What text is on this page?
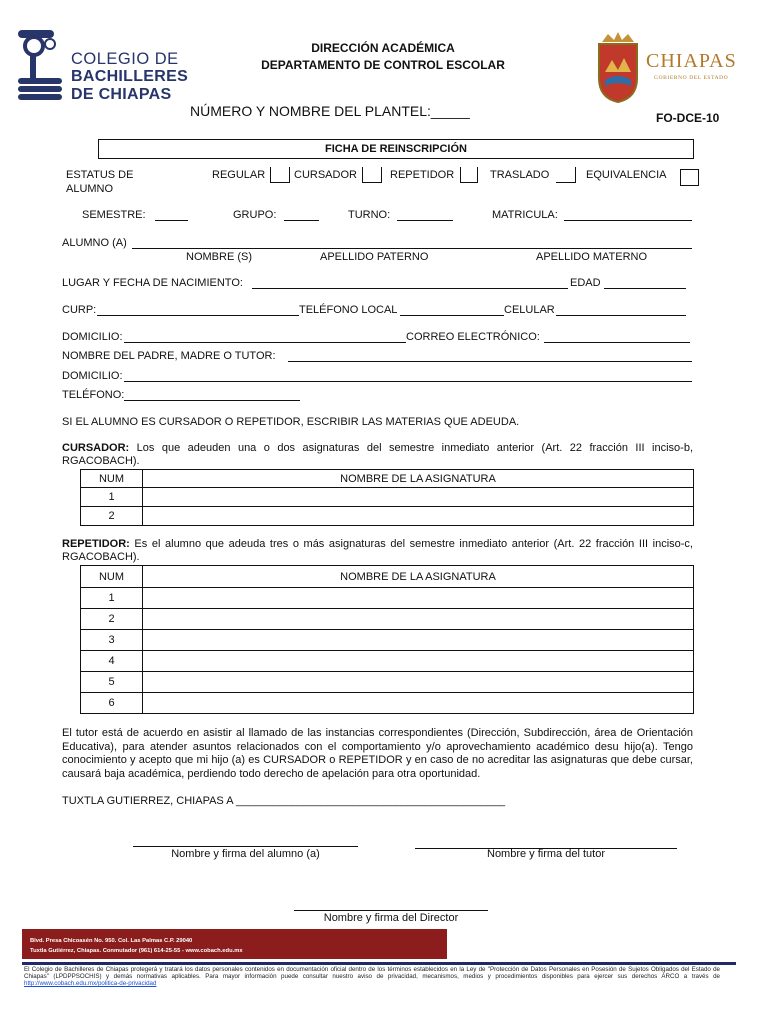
COLEGIO DE
BACHILLERES
DE CHIAPAS
DIRECCIÓN ACADÉMICA
DEPARTAMENTO DE CONTROL ESCOLAR
NÚMERO Y NOMBRE DEL PLANTEL:_____
CHIAPAS
GOBIERNO DEL ESTADO
FO-DCE-10
FICHA DE REINSCRIPCIÓN
ESTATUS DE ALUMNO
REGULAR	CURSADOR	REPETIDOR	TRASLADO	EQUIVALENCIA
SEMESTRE:	GRUPO:	TURNO:	MATRICULA:
ALUMNO (A)
NOMBRE (S)	APELLIDO PATERNO	APELLIDO MATERNO
LUGAR Y FECHA DE NACIMIENTO:	EDAD
CURP:	TELÉFONO LOCAL	CELULAR
DOMICILIO:	CORREO ELECTRÓNICO:
NOMBRE DEL PADRE, MADRE O TUTOR:
DOMICILIO:
TELÉFONO:
SI EL ALUMNO ES CURSADOR O REPETIDOR, ESCRIBIR LAS MATERIAS QUE ADEUDA.
CURSADOR: Los que adeuden una o dos asignaturas del semestre inmediato anterior (Art. 22 fracción III inciso-b, RGACOBACH).
NUM	NOMBRE DE LA ASIGNATURA
1	
2	
REPETIDOR: Es el alumno que adeuda tres o más asignaturas del semestre inmediato anterior (Art. 22 fracción III inciso-c, RGACOBACH).
NUM	NOMBRE DE LA ASIGNATURA
1	
2	
3	
4	
5	
6	
El tutor está de acuerdo en asistir al llamado de las instancias correspondientes (Dirección, Subdirección, área de Orientación Educativa), para atender asuntos relacionados con el comportamiento y/o aprovechamiento académico desu hijo(a). Tengo conocimiento y acepto que mi hijo (a) es CURSADOR o REPETIDOR y en caso de no acreditar las asignaturas que debe cursar, causará baja académica, perdiendo todo derecho de apelación para otra oportunidad.
TUXTLA GUTIERREZ, CHIAPAS A ____________________________________________
Nombre y firma del alumno (a)	Nombre y firma del tutor
Nombre y firma del Director
Blvd. Presa Chicoasén No. 950. Col. Las Palmas C.P. 29040
Tuxtla Gutiérrez, Chiapas. Conmutador (961) 614-25-55 - www.cobach.edu.mx
El Colegio de Bachilleres de Chiapas protegerá y tratará los datos personales contenidos en documentación oficial dentro de los términos establecidos en la Ley de "Protección de Datos Personales en Posesión de Sujetos Obligados del Estado de Chiapas" (LPDPPSOCHIS) y demás normativas aplicables. Para mayor información puede consultar nuestro aviso de privacidad, mecanismos, medios y procedimientos disponibles para ejercer sus derechos ARCO a través de http://www.cobach.edu.mx/politica-de-privacidad
